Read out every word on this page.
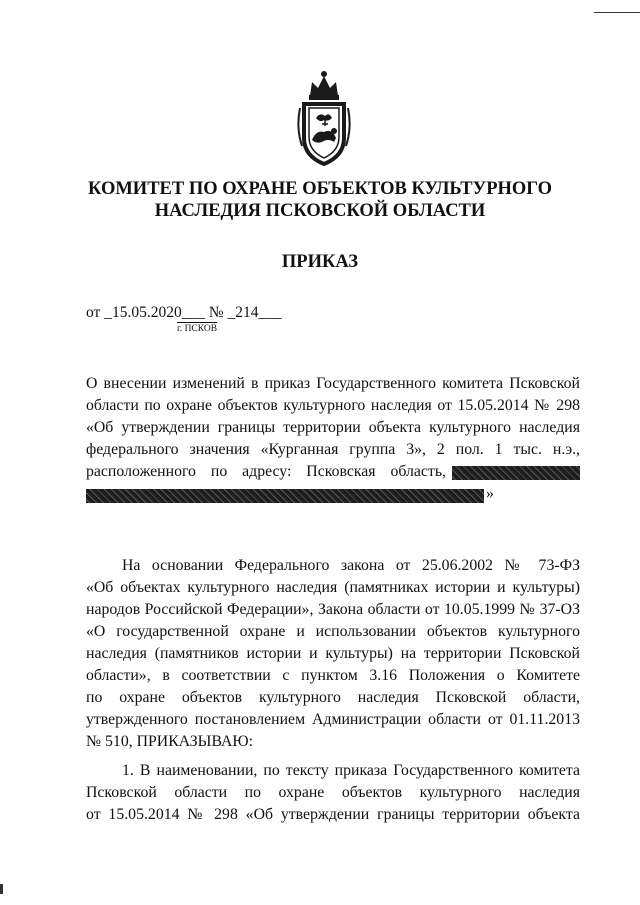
КОМИТЕТ ПО ОХРАНЕ ОБЪЕКТОВ КУЛЬТУРНОГО
НАСЛЕДИЯ ПСКОВСКОЙ ОБЛАСТИ
ПРИКАЗ
от _15.05.2020___ № _214___
г. ПСКОВ
О внесении изменений в приказ Государственного комитета Псковской
области по охране объектов культурного наследия от 15.05.2014 № 298
«Об утверждении границы территории объекта культурного наследия
федерального значения «Курганная группа 3», 2 пол. 1 тыс. н.э.,
расположенного по адресу: Псковская область,
»
На основании Федерального закона от 25.06.2002 № 73-ФЗ
«Об объектах культурного наследия (памятниках истории и культуры)
народов Российской Федерации», Закона области от 10.05.1999 № 37-ОЗ
«О государственной охране и использовании объектов культурного
наследия (памятников истории и культуры) на территории Псковской
области», в соответствии с пунктом 3.16 Положения о Комитете
по охране объектов культурного наследия Псковской области,
утвержденного постановлением Администрации области от 01.11.2013
№ 510, ПРИКАЗЫВАЮ:
1. В наименовании, по тексту приказа Государственного комитета
Псковской области по охране объектов культурного наследия
от 15.05.2014 № 298 «Об утверждении границы территории объекта
